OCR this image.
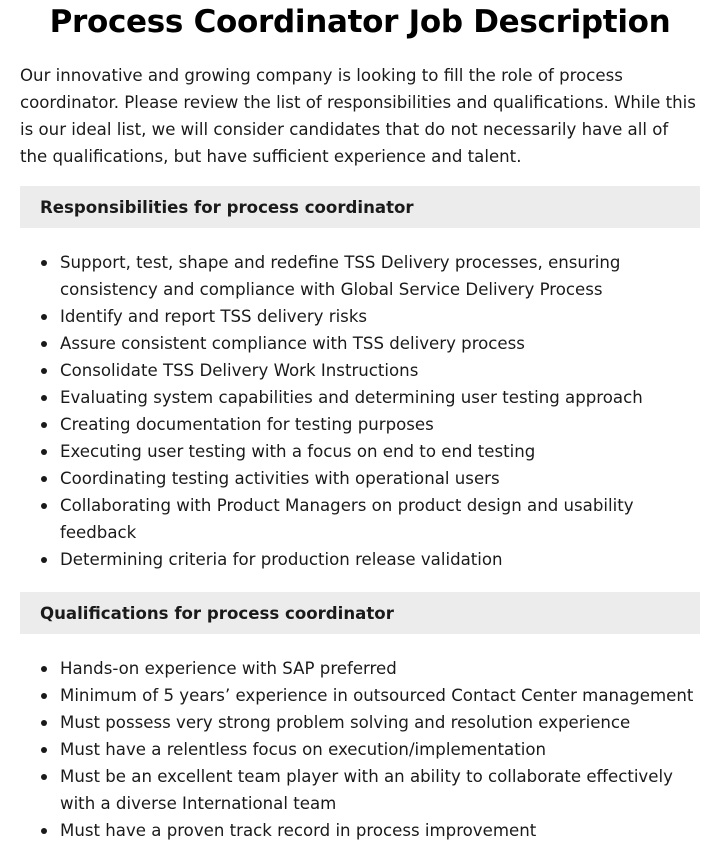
Process Coordinator Job Description

Our innovative and growing company is looking to fill the role of process coordinator. Please review the list of responsibilities and qualifications. While this is our ideal list, we will consider candidates that do not necessarily have all of the qualifications, but have sufficient experience and talent.

Responsibilities for process coordinator
Support, test, shape and redefine TSS Delivery processes, ensuring consistency and compliance with Global Service Delivery Process
Identify and report TSS delivery risks
Assure consistent compliance with TSS delivery process
Consolidate TSS Delivery Work Instructions
Evaluating system capabilities and determining user testing approach
Creating documentation for testing purposes
Executing user testing with a focus on end to end testing
Coordinating testing activities with operational users
Collaborating with Product Managers on product design and usability feedback
Determining criteria for production release validation
Qualifications for process coordinator
Hands-on experience with SAP preferred
Minimum of 5 years’ experience in outsourced Contact Center management
Must possess very strong problem solving and resolution experience
Must have a relentless focus on execution/implementation
Must be an excellent team player with an ability to collaborate effectively with a diverse International team
Must have a proven track record in process improvement
